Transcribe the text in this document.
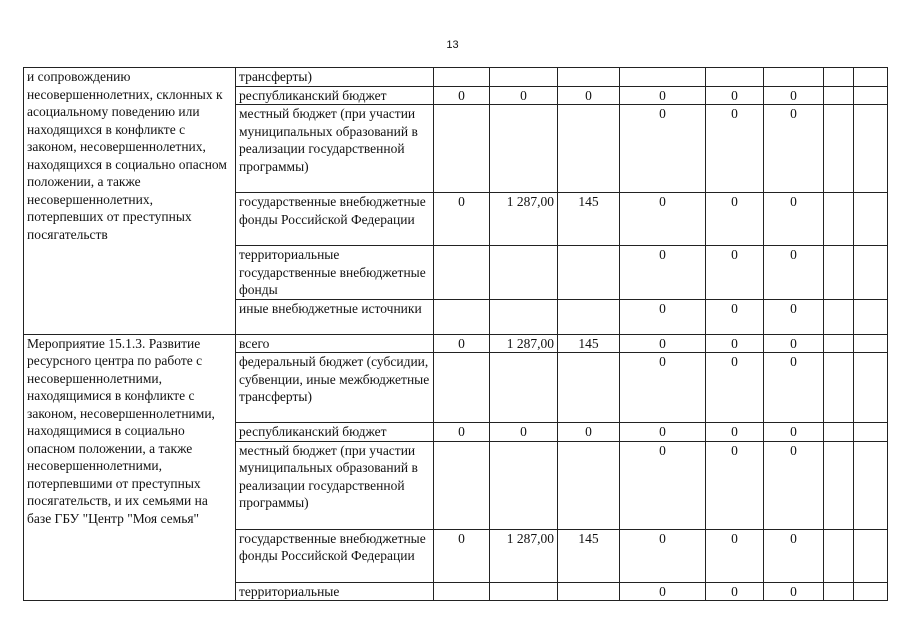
13
и сопровождению несовершеннолетних, склонных к асоциальному поведению или находящихся в конфликте с законом, несовершеннолетних, находящихся в социально опасном положении, а также несовершеннолетних, потерпевших от преступных посягательств	трансферты)								
	республиканский бюджет	0	0	0	0	0	0		
	местный бюджет (при участии муниципальных образований в реализации государственной программы)				0	0	0		
	государственные внебюджетные фонды Российской Федерации	0	1 287,00	145	0	0	0		
	территориальные государственные внебюджетные фонды				0	0	0		
	иные внебюджетные источники				0	0	0		
Мероприятие 15.1.3. Развитие ресурсного центра по работе с несовершеннолетними, находящимися в конфликте с законом, несовершеннолетними, находящимися в социально опасном положении, а также несовершеннолетними, потерпевшими от преступных посягательств, и их семьями на базе ГБУ "Центр "Моя семья"	всего	0	1 287,00	145	0	0	0		
	федеральный бюджет (субсидии, субвенции, иные межбюджетные трансферты)				0	0	0		
	республиканский бюджет	0	0	0	0	0	0		
	местный бюджет (при участии муниципальных образований в реализации государственной программы)				0	0	0		
	государственные внебюджетные фонды Российской Федерации	0	1 287,00	145	0	0	0		
	территориальные				0	0	0		
